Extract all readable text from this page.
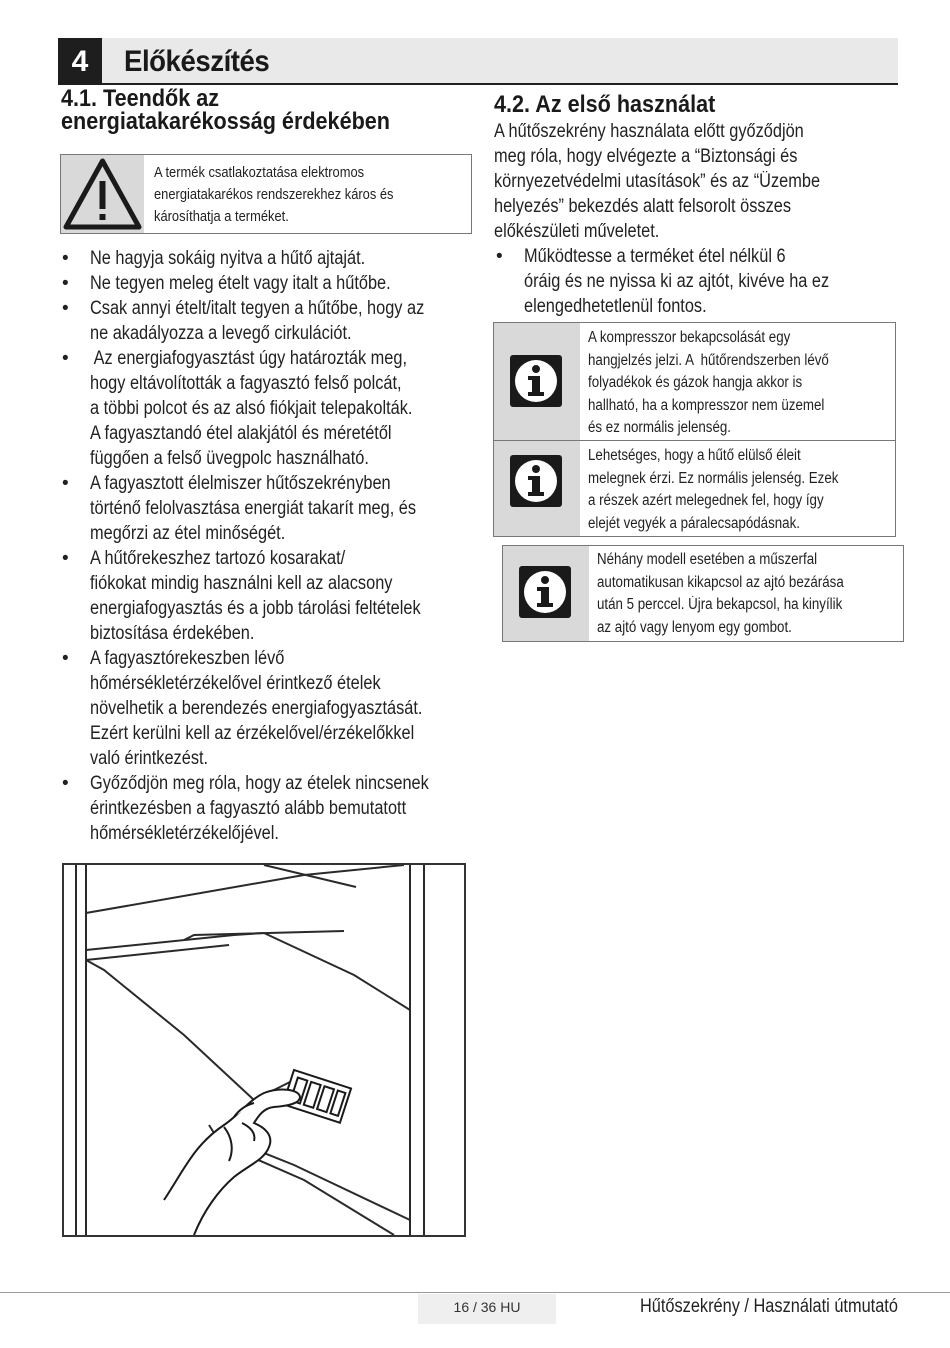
4	Előkészítés
4.1. Teendők az
energiatakarékosság érdekében
A termék csatlakoztatása elektromos
energiatakarékos rendszerekhez káros és
károsíthatja a terméket.
• Ne hagyja sokáig nyitva a hűtő ajtaját.
• Ne tegyen meleg ételt vagy italt a hűtőbe.
• Csak annyi ételt/italt tegyen a hűtőbe, hogy az
ne akadályozza a levegő cirkulációt.
•  Az energiafogyasztást úgy határozták meg,
hogy eltávolították a fagyasztó felső polcát,
a többi polcot és az alsó fiókjait telepakolták.
A fagyasztandó étel alakjától és méretétől
függően a felső üvegpolc használható.
• A fagyasztott élelmiszer hűtőszekrényben
történő felolvasztása energiát takarít meg, és
megőrzi az étel minőségét.
• A hűtőrekeszhez tartozó kosarakat/
fiókokat mindig használni kell az alacsony
energiafogyasztás és a jobb tárolási feltételek
biztosítása érdekében.
• A fagyasztórekeszben lévő
hőmérsékletérzékelővel érintkező ételek
növelhetik a berendezés energiafogyasztását.
Ezért kerülni kell az érzékelővel/érzékelőkkel
való érintkezést.
• Győződjön meg róla, hogy az ételek nincsenek
érintkezésben a fagyasztó alább bemutatott
hőmérsékletérzékelőjével.
4.2. Az első használat
A hűtőszekrény használata előtt győződjön
meg róla, hogy elvégezte a “Biztonsági és
környezetvédelmi utasítások” és az “Üzembe
helyezés” bekezdés alatt felsorolt összes
előkészületi műveletet.
• Működtesse a terméket étel nélkül 6
óráig és ne nyissa ki az ajtót, kivéve ha ez
elengedhetetlenül fontos.
A kompresszor bekapcsolását egy
hangjelzés jelzi. A  hűtőrendszerben lévő
folyadékok és gázok hangja akkor is
hallható, ha a kompresszor nem üzemel
és ez normális jelenség.
Lehetséges, hogy a hűtő elülső éleit
melegnek érzi. Ez normális jelenség. Ezek
a részek azért melegednek fel, hogy így
elejét vegyék a páralecsapódásnak.
Néhány modell esetében a műszerfal
automatikusan kikapcsol az ajtó bezárása
után 5 perccel. Újra bekapcsol, ha kinyílik
az ajtó vagy lenyom egy gombot.
16 / 36 HU	Hűtőszekrény / Használati útmutató
